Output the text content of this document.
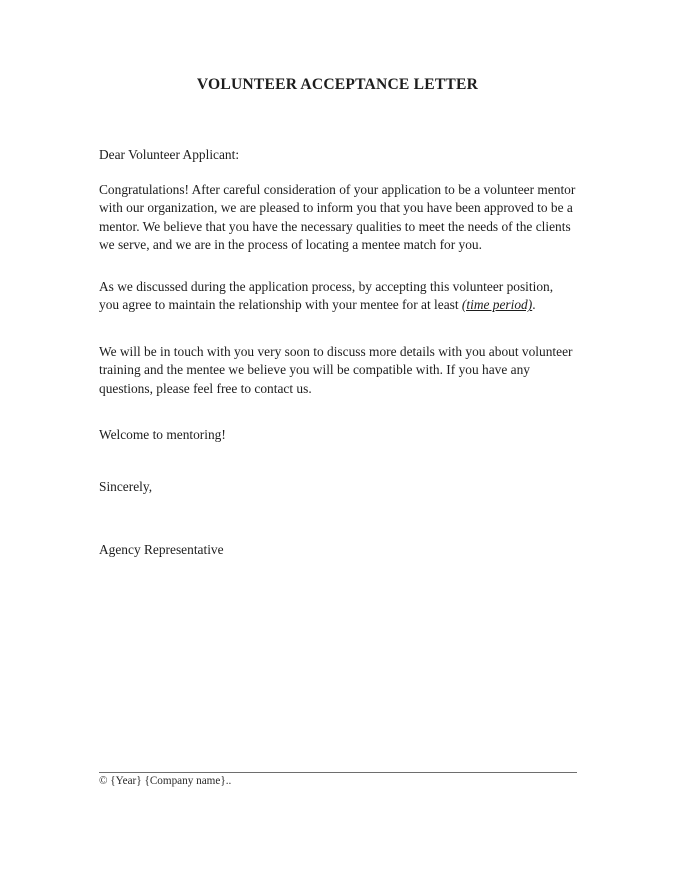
VOLUNTEER ACCEPTANCE LETTER

Dear Volunteer Applicant:

Congratulations! After careful consideration of your application to be a volunteer mentor with our organization, we are pleased to inform you that you have been approved to be a mentor. We believe that you have the necessary qualities to meet the needs of the clients we serve, and we are in the process of locating a mentee match for you.

As we discussed during the application process, by accepting this volunteer position, you agree to maintain the relationship with your mentee for at least (time period).

We will be in touch with you very soon to discuss more details with you about volunteer training and the mentee we believe you will be compatible with. If you have any questions, please feel free to contact us.

Welcome to mentoring!

Sincerely,

Agency Representative

© {Year} {Company name}..
